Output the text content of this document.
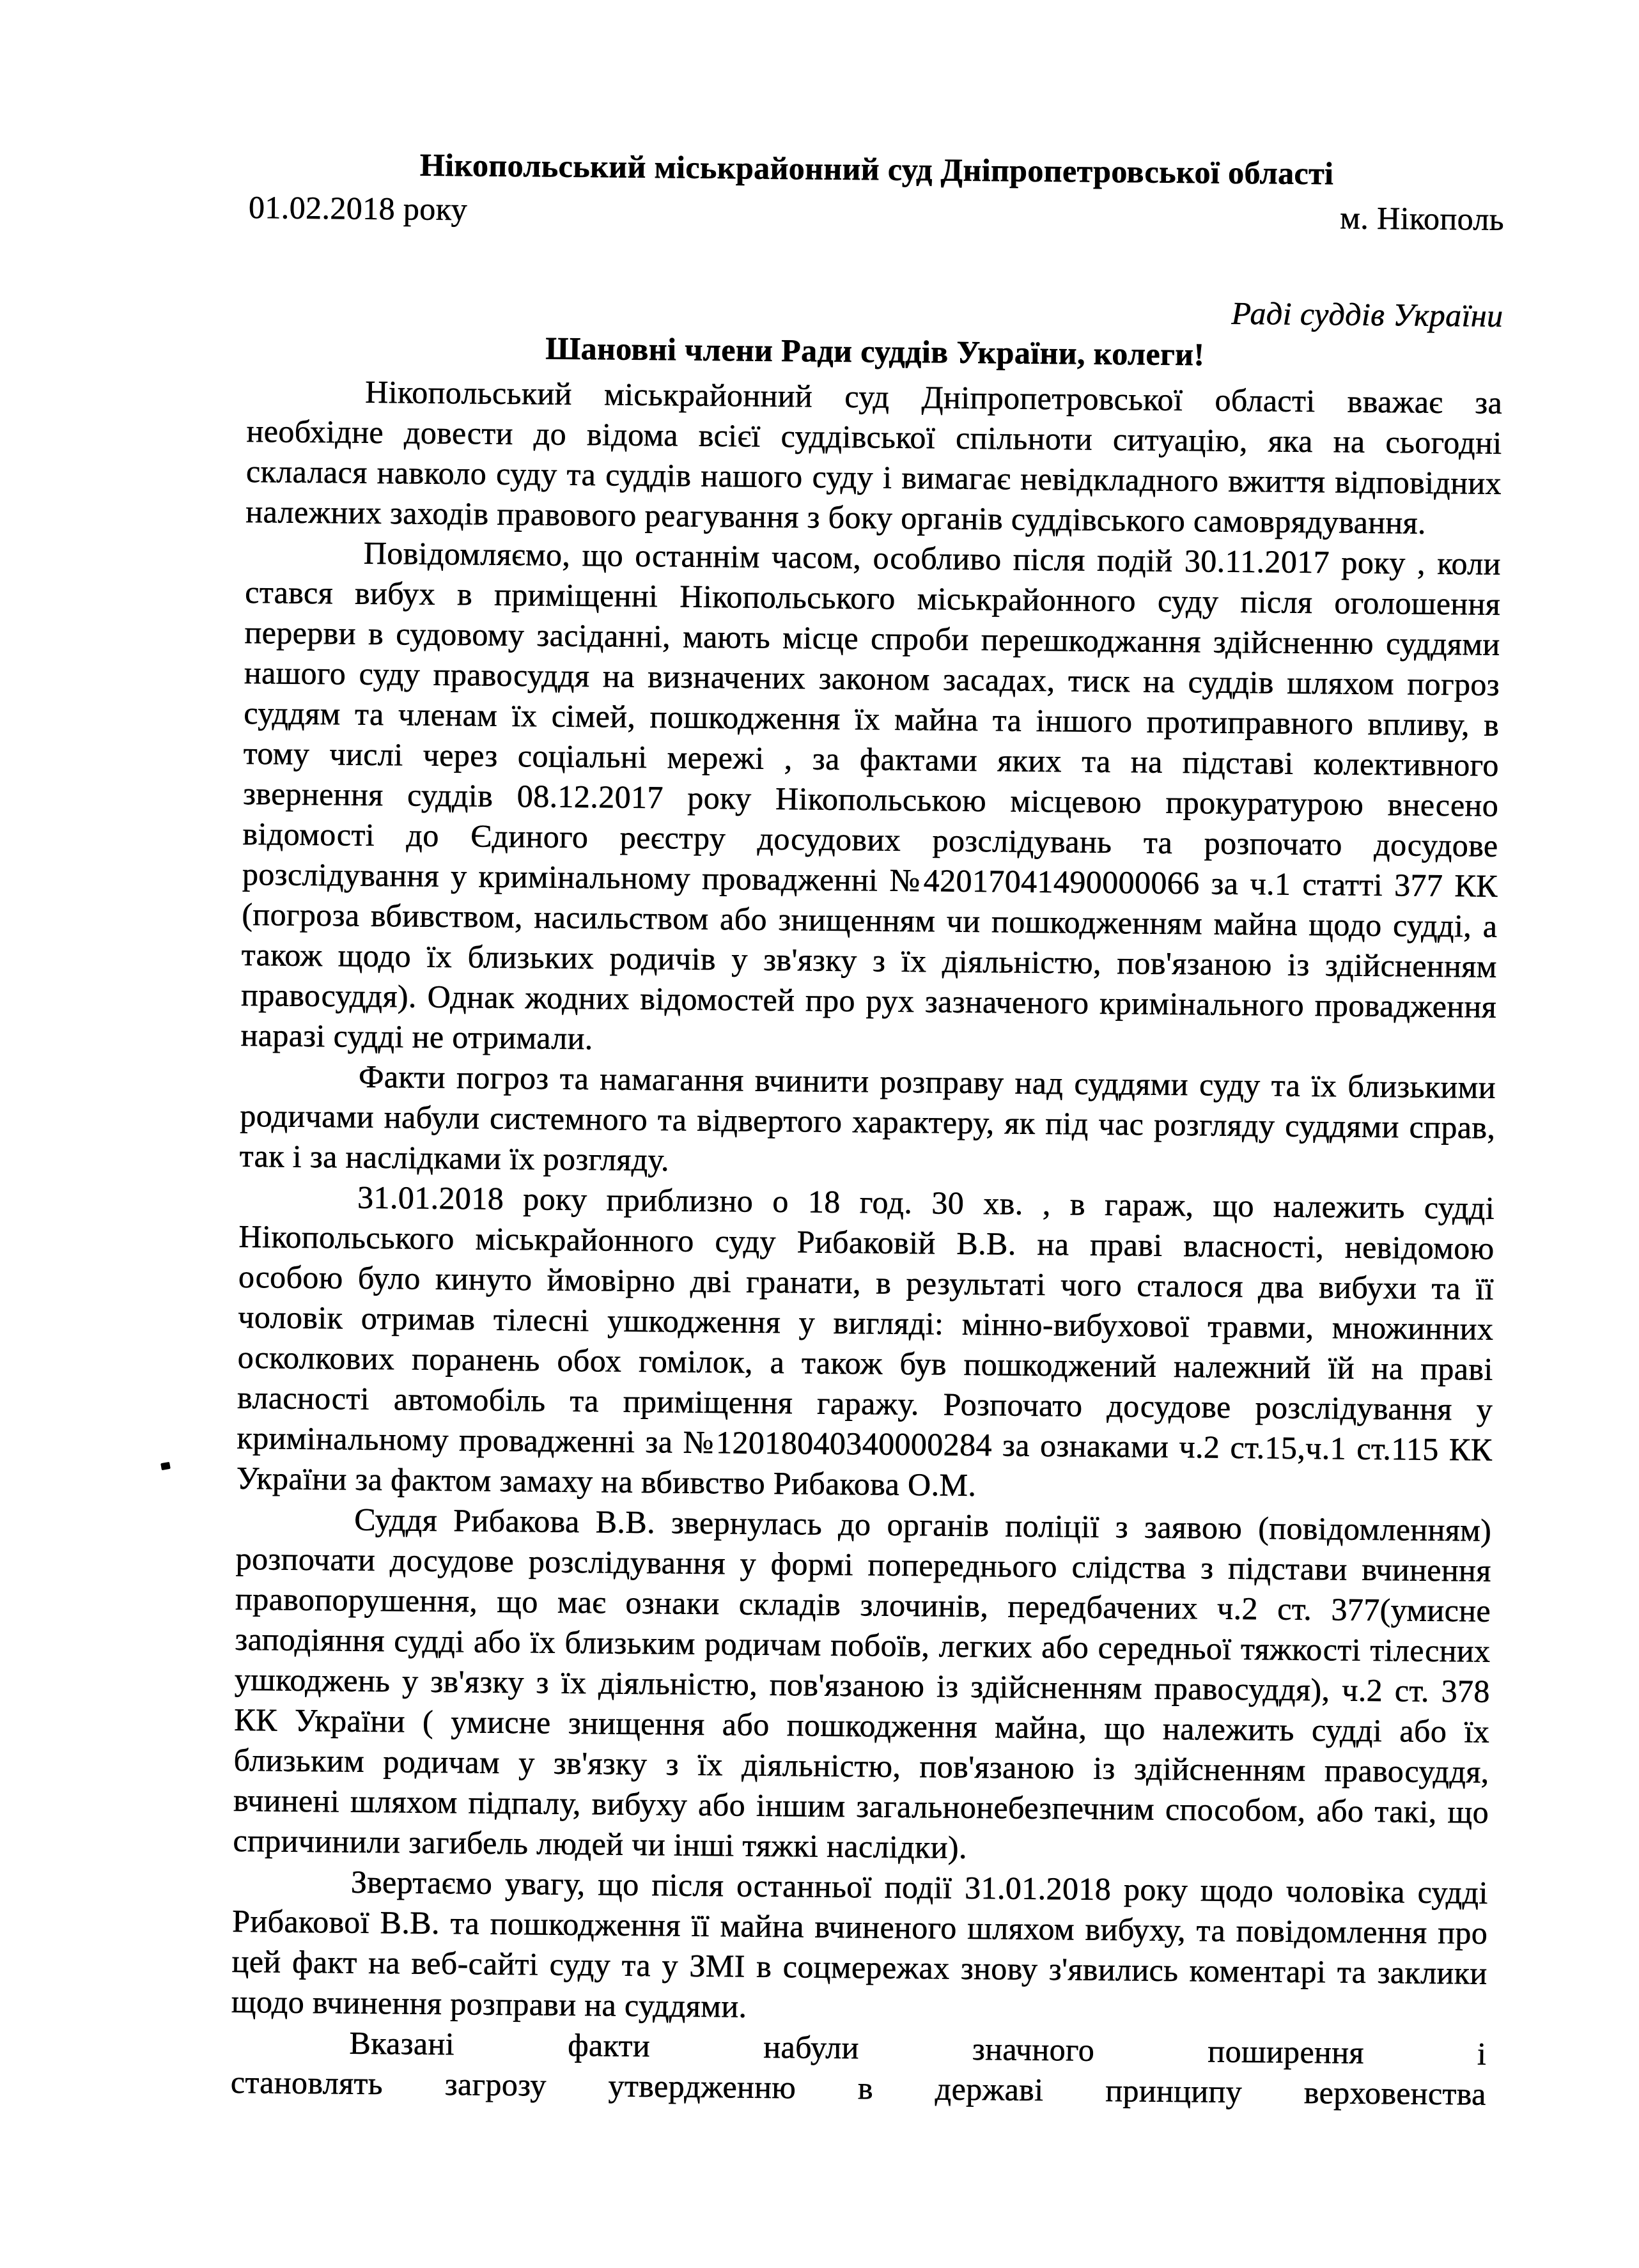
Нікопольський міськрайонний суд Дніпропетровської області
01.02.2018 року	м. Нікополь
Раді суддів України
Шановні члени Ради суддів України, колеги!

Нікопольський міськрайонний суд Дніпропетровської області вважає за необхідне довести до відома всієї суддівської спільноти ситуацію, яка на сьогодні склалася навколо суду та суддів нашого суду і вимагає невідкладного вжиття відповідних належних заходів правового реагування з боку органів суддівського самоврядування.

Повідомляємо, що останнім часом, особливо після подій 30.11.2017 року , коли стався вибух в приміщенні Нікопольського міськрайонного суду після оголошення перерви в судовому засіданні, мають місце спроби перешкоджання здійсненню суддями нашого суду правосуддя на визначених законом засадах, тиск на суддів шляхом погроз суддям та членам їх сімей, пошкодження їх майна та іншого протиправного впливу, в тому числі через соціальні мережі , за фактами яких та на підставі колективного звернення суддів 08.12.2017 року Нікопольською місцевою прокуратурою внесено відомості до Єдиного реєстру досудових розслідувань та розпочато досудове розслідування у кримінальному провадженні №42017041490000066 за ч.1 статті 377 КК (погроза вбивством, насильством або знищенням чи пошкодженням майна щодо судді, а також щодо їх близьких родичів у зв'язку з їх діяльністю, пов'язаною із здійсненням правосуддя). Однак жодних відомостей про рух зазначеного кримінального провадження наразі судді не отримали.

Факти погроз та намагання вчинити розправу над суддями суду та їх близькими родичами набули системного та відвертого характеру, як під час розгляду суддями справ, так і за наслідками їх розгляду.

31.01.2018 року приблизно о 18 год. 30 хв. , в гараж, що належить судді Нікопольського міськрайонного суду Рибаковій В.В. на праві власності, невідомою особою було кинуто ймовірно дві гранати, в результаті чого сталося два вибухи та її чоловік отримав тілесні ушкодження у вигляді: мінно-вибухової травми, множинних осколкових поранень обох гомілок, а також був пошкоджений належний їй на праві власності автомобіль та приміщення гаражу. Розпочато досудове розслідування у кримінальному провадженні за №12018040340000284 за ознаками ч.2 ст.15,ч.1 ст.115 КК України за фактом замаху на вбивство Рибакова О.М.

Суддя Рибакова В.В. звернулась до органів поліції з заявою (повідомленням) розпочати досудове розслідування у формі попереднього слідства з підстави вчинення правопорушення, що має ознаки складів злочинів, передбачених ч.2 ст. 377(умисне заподіяння судді або їх близьким родичам побоїв, легких або середньої тяжкості тілесних ушкоджень у зв'язку з їх діяльністю, пов'язаною із здійсненням правосуддя), ч.2 ст. 378 КК України ( умисне знищення або пошкодження майна, що належить судді або їх близьким родичам у зв'язку з їх діяльністю, пов'язаною із здійсненням правосуддя, вчинені шляхом підпалу, вибуху або іншим загальнонебезпечним способом, або такі, що спричинили загибель людей чи інші тяжкі наслідки).

Звертаємо увагу, що після останньої події 31.01.2018 року щодо чоловіка судді Рибакової В.В. та пошкодження її майна вчиненого шляхом вибуху, та повідомлення про цей факт на веб-сайті суду та у ЗМІ в соцмережах знову з'явились коментарі та заклики щодо вчинення розправи на суддями.

Вказані факти набули значного поширення і

становлять загрозу утвердженню в державі принципу верховенства
